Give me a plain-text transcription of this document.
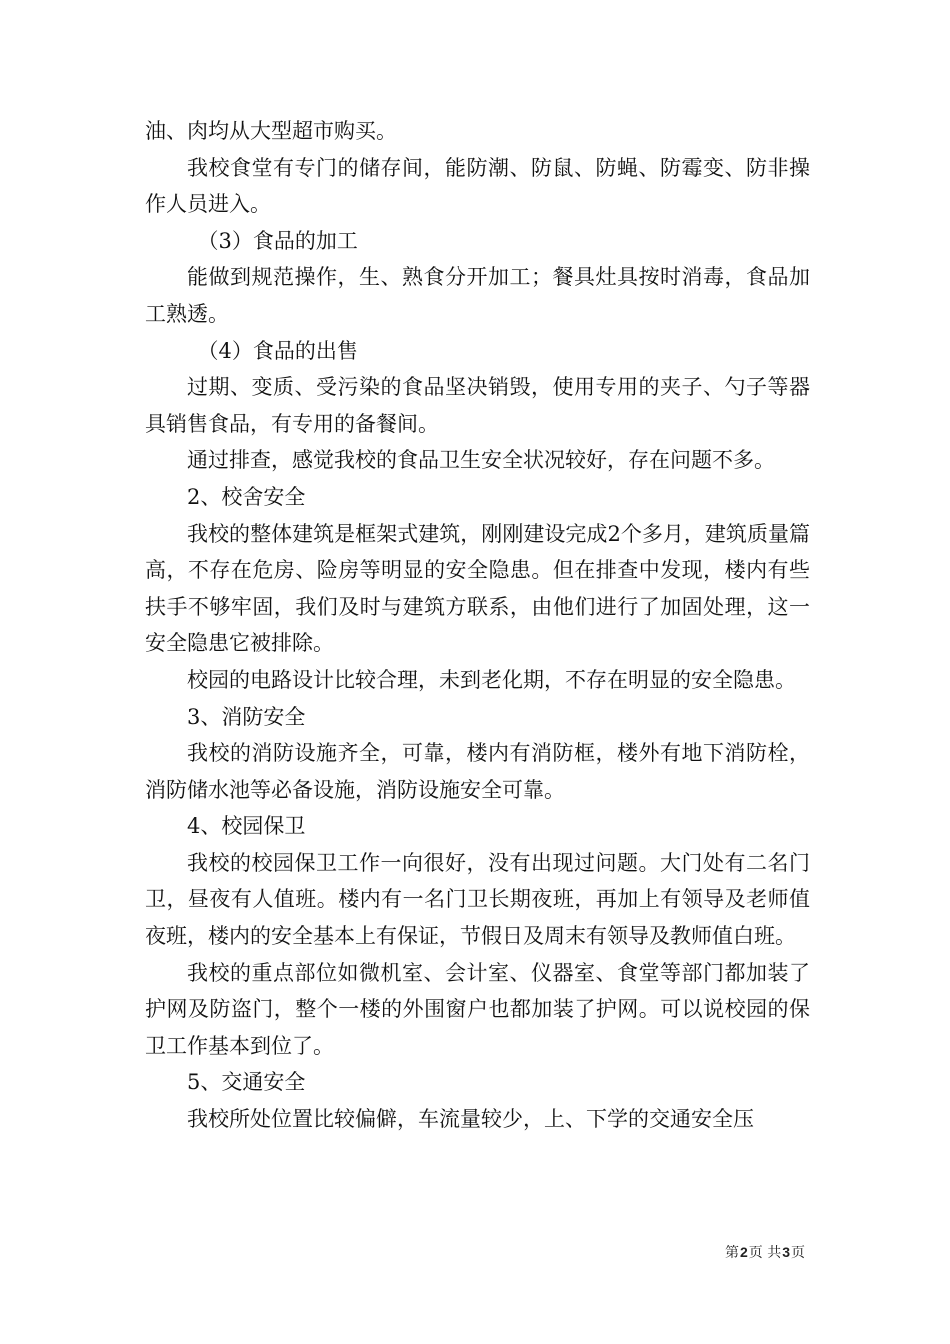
油、肉均从大型超市购买。

我校食堂有专门的储存间，能防潮、防鼠、防蝇、防霉变、防非操作人员进入。

（3）食品的加工

能做到规范操作，生、熟食分开加工；餐具灶具按时消毒，食品加工熟透。

（4）食品的出售

过期、变质、受污染的食品坚决销毁，使用专用的夹子、勺子等器具销售食品，有专用的备餐间。

通过排查，感觉我校的食品卫生安全状况较好，存在问题不多。

2、校舍安全

我校的整体建筑是框架式建筑，刚刚建设完成2个多月，建筑质量篇高，不存在危房、险房等明显的安全隐患。但在排查中发现，楼内有些扶手不够牢固，我们及时与建筑方联系，由他们进行了加固处理，这一安全隐患它被排除。

校园的电路设计比较合理，未到老化期，不存在明显的安全隐患。

3、消防安全

我校的消防设施齐全，可靠，楼内有消防框，楼外有地下消防栓，消防储水池等必备设施，消防设施安全可靠。

4、校园保卫

我校的校园保卫工作一向很好，没有出现过问题。大门处有二名门卫，昼夜有人值班。楼内有一名门卫长期夜班，再加上有领导及老师值夜班，楼内的安全基本上有保证，节假日及周末有领导及教师值白班。

我校的重点部位如微机室、会计室、仪器室、食堂等部门都加装了护网及防盗门，整个一楼的外围窗户也都加装了护网。可以说校园的保卫工作基本到位了。

5、交通安全

我校所处位置比较偏僻，车流量较少，上、下学的交通安全压

第2页 共3页
